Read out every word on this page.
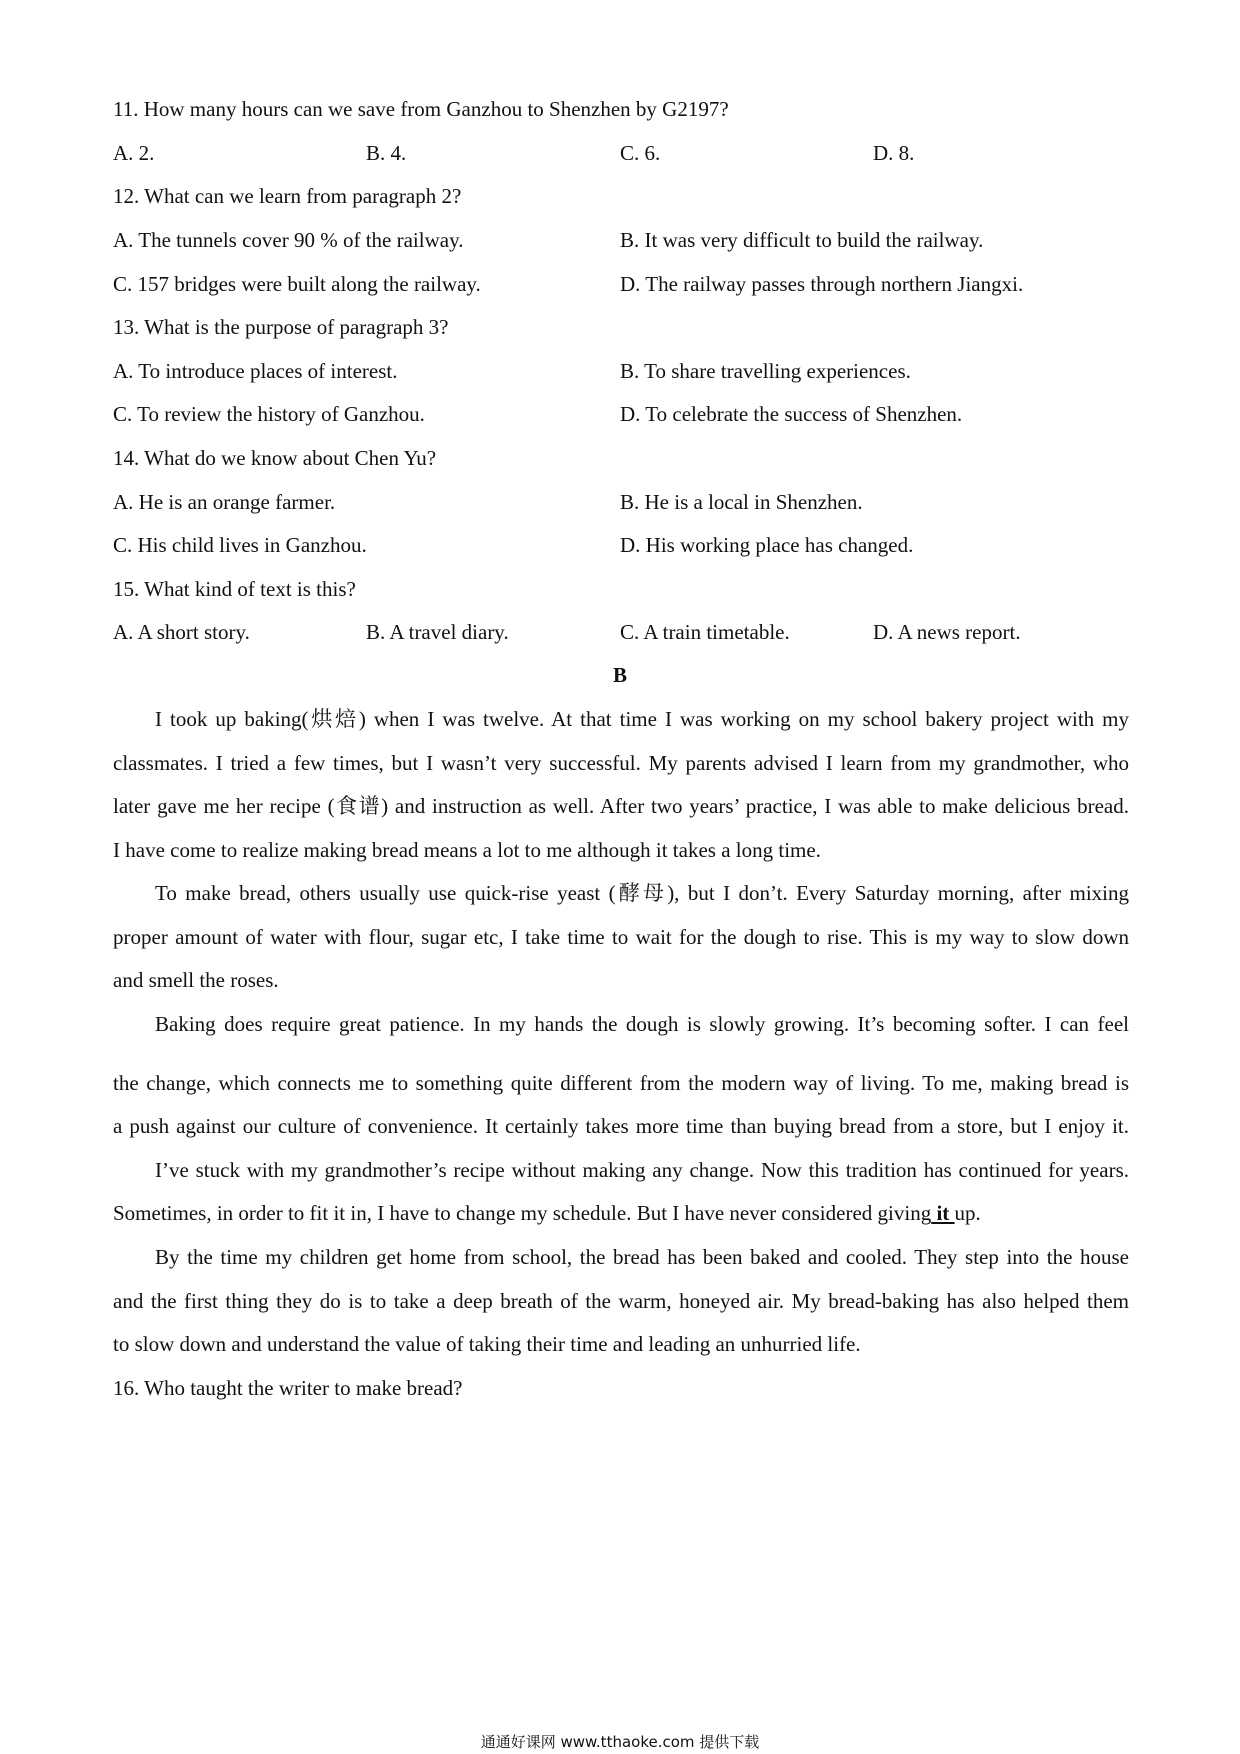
11. How many hours can we save from Ganzhou to Shenzhen by G2197?
A. 2.	B. 4.	C. 6.	D. 8.
12. What can we learn from paragraph 2?
A. The tunnels cover 90 % of the railway.	B. It was very difficult to build the railway.
C. 157 bridges were built along the railway.	D. The railway passes through northern Jiangxi.
13. What is the purpose of paragraph 3?
A. To introduce places of interest.	B. To share travelling experiences.
C. To review the history of Ganzhou.	D. To celebrate the success of Shenzhen.
14. What do we know about Chen Yu?
A. He is an orange farmer.	B. He is a local in Shenzhen.
C. His child lives in Ganzhou.	D. His working place has changed.
15. What kind of text is this?
A. A short story.	B. A travel diary.	C. A train timetable.	D. A news report.
B
I took up baking(烘焙) when I was twelve. At that time I was working on my school bakery project with my
classmates. I tried a few times, but I wasn’t very successful. My parents advised I learn from my grandmother, who
later gave me her recipe (食谱) and instruction as well. After two years’ practice, I was able to make delicious bread.
I have come to realize making bread means a lot to me although it takes a long time.
To make bread, others usually use quick-rise yeast (酵母), but I don’t. Every Saturday morning, after mixing
proper amount of water with flour, sugar etc, I take time to wait for the dough to rise. This is my way to slow down
and smell the roses.
Baking does require great patience. In my hands the dough is slowly growing. It’s becoming softer. I can feel
the change, which connects me to something quite different from the modern way of living. To me, making bread is
a push against our culture of convenience. It certainly takes more time than buying bread from a store, but I enjoy it.
I’ve stuck with my grandmother’s recipe without making any change. Now this tradition has continued for years.
Sometimes, in order to fit it in, I have to change my schedule. But I have never considered giving it up.
By the time my children get home from school, the bread has been baked and cooled. They step into the house
and the first thing they do is to take a deep breath of the warm, honeyed air. My bread-baking has also helped them
to slow down and understand the value of taking their time and leading an unhurried life.
16. Who taught the writer to make bread?
通通好课网 www.tthaoke.com 提供下载
